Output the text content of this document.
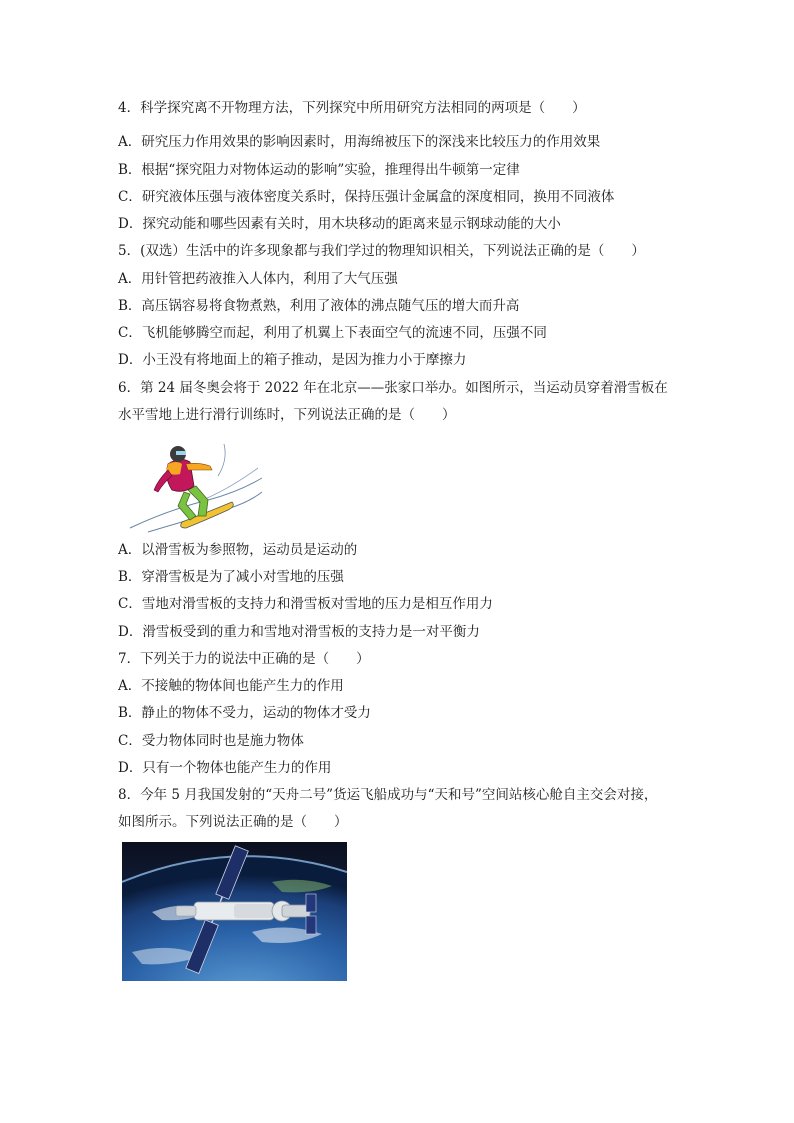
4．科学探究离不开物理方法，下列探究中所用研究方法相同的两项是（　　）
A．研究压力作用效果的影响因素时，用海绵被压下的深浅来比较压力的作用效果
B．根据“探究阻力对物体运动的影响”实验，推理得出牛顿第一定律
C．研究液体压强与液体密度关系时，保持压强计金属盒的深度相同，换用不同液体
D．探究动能和哪些因素有关时，用木块移动的距离来显示钢球动能的大小
5．(双选）生活中的许多现象都与我们学过的物理知识相关，下列说法正确的是（　　）
A．用针管把药液推入人体内，利用了大气压强
B．高压锅容易将食物煮熟，利用了液体的沸点随气压的增大而升高
C．飞机能够腾空而起，利用了机翼上下表面空气的流速不同，压强不同
D．小王没有将地面上的箱子推动，是因为推力小于摩擦力
6．第 24 届冬奥会将于 2022 年在北京——张家口举办。如图所示，当运动员穿着滑雪板在
水平雪地上进行滑行训练时，下列说法正确的是（　　）
A．以滑雪板为参照物，运动员是运动的
B．穿滑雪板是为了减小对雪地的压强
C．雪地对滑雪板的支持力和滑雪板对雪地的压力是相互作用力
D．滑雪板受到的重力和雪地对滑雪板的支持力是一对平衡力
7．下列关于力的说法中正确的是（　　）
A．不接触的物体间也能产生力的作用
B．静止的物体不受力，运动的物体才受力
C．受力物体同时也是施力物体
D．只有一个物体也能产生力的作用
8．今年 5 月我国发射的“天舟二号”货运飞船成功与“天和号”空间站核心舱自主交会对接，
如图所示。下列说法正确的是（　　）
